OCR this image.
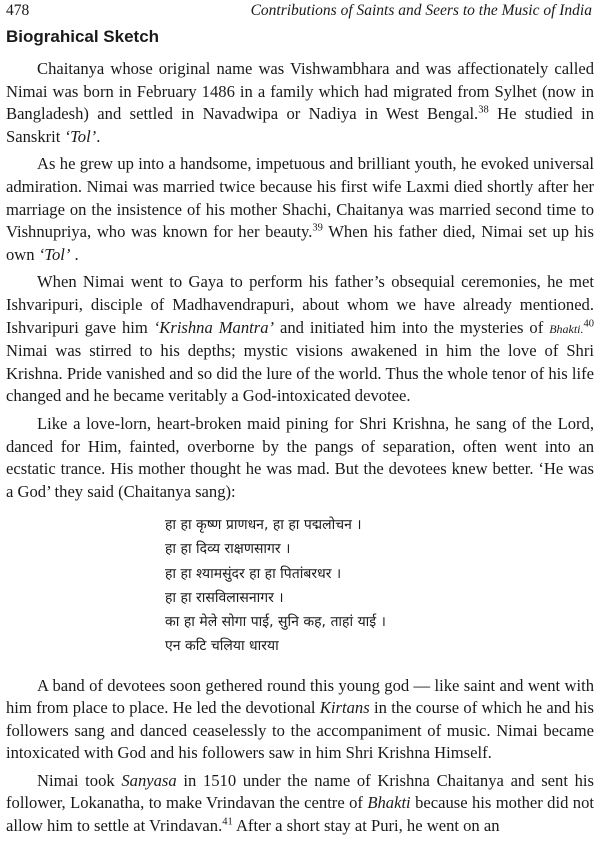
478	Contributions of Saints and Seers to the Music of India
Biograhical Sketch

Chaitanya whose original name was Vishwambhara and was affectionately called Nimai was born in February 1486 in a family which had migrated from Sylhet (now in Bangladesh) and settled in Navadwipa or Nadiya in West Bengal.$^{38}$ He studied in Sanskrit ‘Tol’.

As he grew up into a handsome, impetuous and brilliant youth, he evoked universal admiration. Nimai was married twice because his first wife Laxmi died shortly after her marriage on the insistence of his mother Shachi, Chaitanya was married second time to Vishnupriya, who was known for her beauty.$^{39}$ When his father died, Nimai set up his own ‘Tol’ .

When Nimai went to Gaya to perform his father’s obsequial ceremonies, he met Ishvaripuri, disciple of Madhavendrapuri, about whom we have already mentioned. Ishvaripuri gave him ‘Krishna Mantra’ and initiated him into the mysteries of Bhakti.$^{40}$ Nimai was stirred to his depths; mystic visions awakened in him the love of Shri Krishna. Pride vanished and so did the lure of the world. Thus the whole tenor of his life changed and he became veritably a God-intoxicated devotee.

Like a love-lorn, heart-broken maid pining for Shri Krishna, he sang of the Lord, danced for Him, fainted, overborne by the pangs of separation, often went into an ecstatic trance. His mother thought he was mad. But the devotees knew better. ‘He was a God’ they said (Chaitanya sang):

हा हा कृष्ण प्राणधन, हा हा पद्मलोचन ।
हा हा दिव्य राक्षणसागर ।
हा हा श्यामसुंदर हा हा पितांबरधर ।
हा हा रासविलासनागर ।
का हा मेले सोगा पाई, सुनि कह, ताहां याई ।
एन कटि चलिया धारया

A band of devotees soon gethered round this young god — like saint and went with him from place to place. He led the devotional Kirtans in the course of which he and his followers sang and danced ceaselessly to the accompaniment of music. Nimai became intoxicated with God and his followers saw in him Shri Krishna Himself.

Nimai took Sanyasa in 1510 under the name of Krishna Chaitanya and sent his follower, Lokanatha, to make Vrindavan the centre of Bhakti because his mother did not allow him to settle at Vrindavan.$^{41}$ After a short stay at Puri, he went on an
